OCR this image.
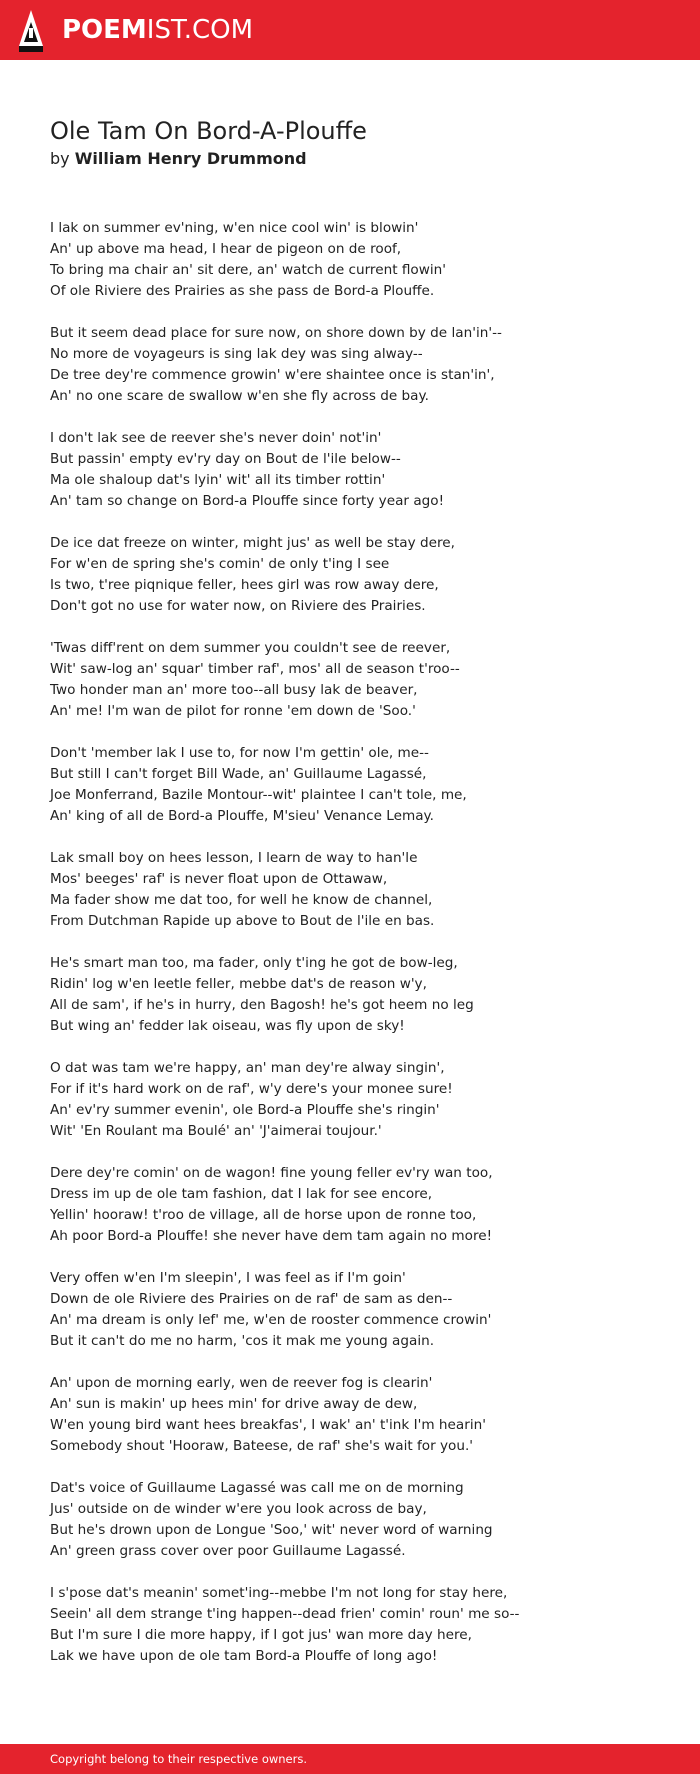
POEMIST.COM
Ole Tam On Bord-A-Plouffe
by William Henry Drummond

I lak on summer ev'ning, w'en nice cool win' is blowin'
An' up above ma head, I hear de pigeon on de roof,
To bring ma chair an' sit dere, an' watch de current flowin'
Of ole Riviere des Prairies as she pass de Bord-a Plouffe.

But it seem dead place for sure now, on shore down by de lan'in'--
No more de voyageurs is sing lak dey was sing alway--
De tree dey're commence growin' w'ere shaintee once is stan'in',
An' no one scare de swallow w'en she fly across de bay.

I don't lak see de reever she's never doin' not'in'
But passin' empty ev'ry day on Bout de l'ile below--
Ma ole shaloup dat's lyin' wit' all its timber rottin'
An' tam so change on Bord-a Plouffe since forty year ago!

De ice dat freeze on winter, might jus' as well be stay dere,
For w'en de spring she's comin' de only t'ing I see
Is two, t'ree piqnique feller, hees girl was row away dere,
Don't got no use for water now, on Riviere des Prairies.

'Twas diff'rent on dem summer you couldn't see de reever,
Wit' saw-log an' squar' timber raf', mos' all de season t'roo--
Two honder man an' more too--all busy lak de beaver,
An' me! I'm wan de pilot for ronne 'em down de 'Soo.'

Don't 'member lak I use to, for now I'm gettin' ole, me--
But still I can't forget Bill Wade, an' Guillaume Lagassé,
Joe Monferrand, Bazile Montour--wit' plaintee I can't tole, me,
An' king of all de Bord-a Plouffe, M'sieu' Venance Lemay.

Lak small boy on hees lesson, I learn de way to han'le
Mos' beeges' raf' is never float upon de Ottawaw,
Ma fader show me dat too, for well he know de channel,
From Dutchman Rapide up above to Bout de l'ile en bas.

He's smart man too, ma fader, only t'ing he got de bow-leg,
Ridin' log w'en leetle feller, mebbe dat's de reason w'y,
All de sam', if he's in hurry, den Bagosh! he's got heem no leg
But wing an' fedder lak oiseau, was fly upon de sky!

O dat was tam we're happy, an' man dey're alway singin',
For if it's hard work on de raf', w'y dere's your monee sure!
An' ev'ry summer evenin', ole Bord-a Plouffe she's ringin'
Wit' 'En Roulant ma Boulé' an' 'J'aimerai toujour.'

Dere dey're comin' on de wagon! fine young feller ev'ry wan too,
Dress im up de ole tam fashion, dat I lak for see encore,
Yellin' hooraw! t'roo de village, all de horse upon de ronne too,
Ah poor Bord-a Plouffe! she never have dem tam again no more!

Very offen w'en I'm sleepin', I was feel as if I'm goin'
Down de ole Riviere des Prairies on de raf' de sam as den--
An' ma dream is only lef' me, w'en de rooster commence crowin'
But it can't do me no harm, 'cos it mak me young again.

An' upon de morning early, wen de reever fog is clearin'
An' sun is makin' up hees min' for drive away de dew,
W'en young bird want hees breakfas', I wak' an' t'ink I'm hearin'
Somebody shout 'Hooraw, Bateese, de raf' she's wait for you.'

Dat's voice of Guillaume Lagassé was call me on de morning
Jus' outside on de winder w'ere you look across de bay,
But he's drown upon de Longue 'Soo,' wit' never word of warning
An' green grass cover over poor Guillaume Lagassé.

I s'pose dat's meanin' somet'ing--mebbe I'm not long for stay here,
Seein' all dem strange t'ing happen--dead frien' comin' roun' me so--
But I'm sure I die more happy, if I got jus' wan more day here,
Lak we have upon de ole tam Bord-a Plouffe of long ago!

Copyright belong to their respective owners.
